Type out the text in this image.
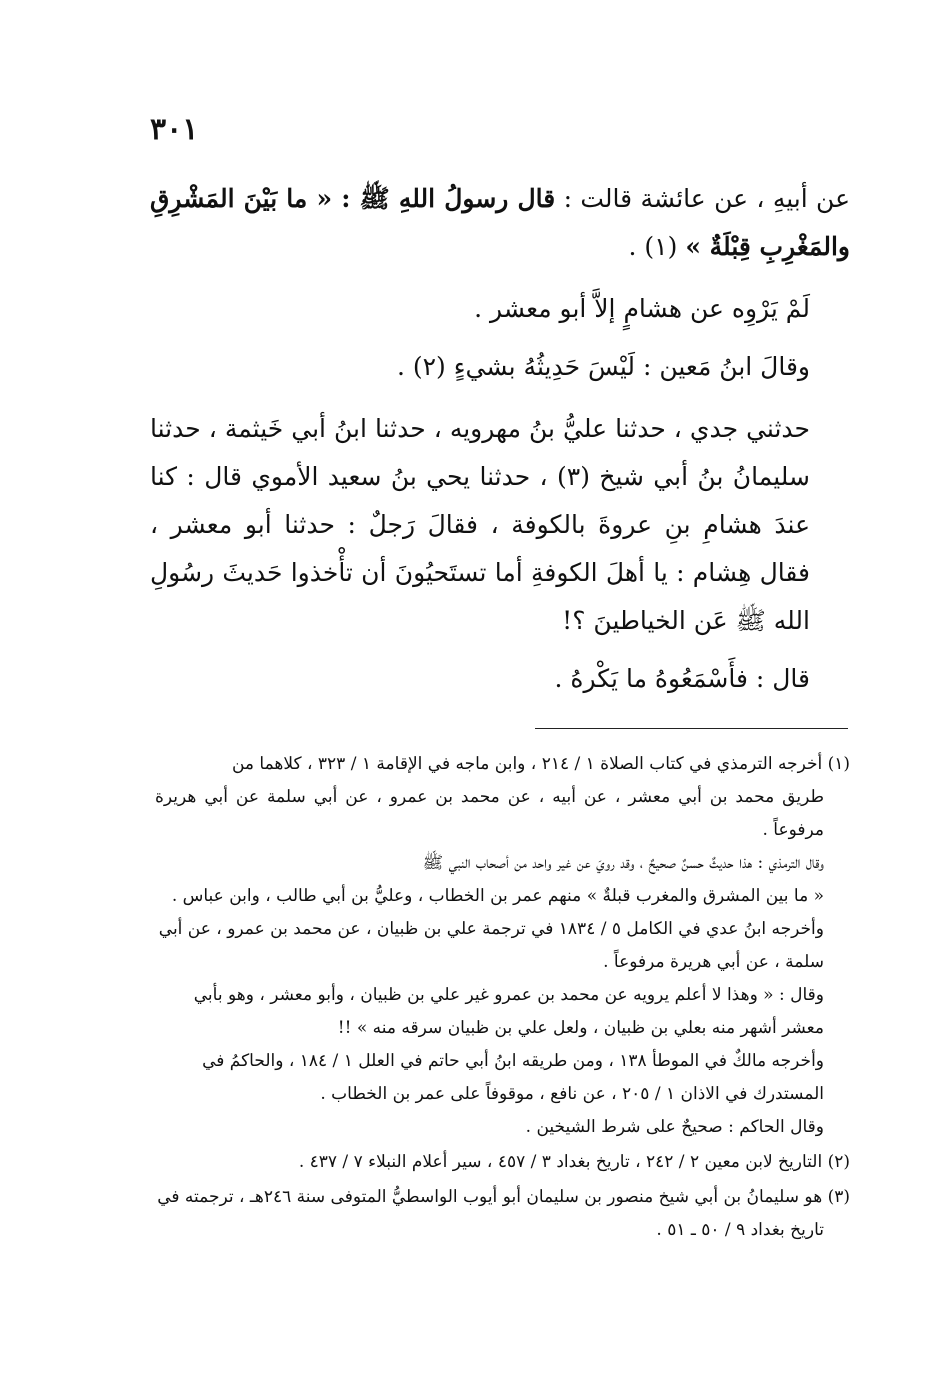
٣٠١

عن أبيهِ ، عن عائشة قالت : قال رسولُ اللهِ ﷺ : « ما بَيْنَ المَشْرِقِ والمَغْرِبِ قِبْلَةٌ » (١) .

لَمْ يَرْوِه عن هشامٍ إلاَّ أبو معشر .

وقالَ ابنُ مَعين : لَيْسَ حَدِيثُهُ بشيءٍ (٢) .

حدثني جدي ، حدثنا عليُّ بنُ مهرويه ، حدثنا ابنُ أبي خَيثمة ، حدثنا سليمانُ بنُ أبي شيخ (٣) ، حدثنا يحي بنُ سعيد الأموي قال : كنا عندَ هشامِ بنِ عروةَ بالكوفة ، فقالَ رَجلٌ : حدثنا أبو معشر ، فقال هِشام : يا أهلَ الكوفةِ أما تستَحيُونَ أن تأْخذوا حَديثَ رسُولِ الله ﷺ عَن الخياطينَ ؟!

قال : فأَسْمَعُوهُ ما يَكْرهُ .

(١) أخرجه الترمذي في كتاب الصلاة ١ / ٢١٤ ، وابن ماجه في الإقامة ١ / ٣٢٣ ، كلاهما من

طريق محمد بن أبي معشر ، عن أبيه ، عن محمد بن عمرو ، عن أبي سلمة عن أبي هريرة مرفوعاً .

وقال الترمذي : هذا حديثٌ حسنٌ صحيحٌ ، وقد رويَ عن غير واحد من أصحاب النبي ﷺ

« ما بين المشرق والمغرب قبلةٌ » منهم عمر بن الخطاب ، وعليُّ بن أبي طالب ، وابن عباس .

وأخرجه ابنُ عدي في الكامل ٥ / ١٨٣٤ في ترجمة علي بن ظبيان ، عن محمد بن عمرو ، عن أبي

سلمة ، عن أبي هريرة مرفوعاً .

وقال : « وهذا لا أعلم يرويه عن محمد بن عمرو غير علي بن ظبيان ، وأبو معشر ، وهو بأبي

معشر أشهر منه بعلي بن ظبيان ، ولعل علي بن ظبيان سرقه منه » !!

وأخرجه مالكٌ في الموطأ ١٣٨ ، ومن طريقه ابنُ أبي حاتم في العلل ١ / ١٨٤ ، والحاكمُ في

المستدرك في الاذان ١ / ٢٠٥ ، عن نافع ، موقوفاً على عمر بن الخطاب .

وقال الحاكم : صحيحٌ على شرط الشيخين .

(٢) التاريخ لابن معين ٢ / ٢٤٢ ، تاريخ بغداد ٣ / ٤٥٧ ، سير أعلام النبلاء ٧ / ٤٣٧ .

(٣) هو سليمانُ بن أبي شيخ منصور بن سليمان أبو أيوب الواسطيُّ المتوفى سنة ٢٤٦هـ ، ترجمته في

تاريخ بغداد ٩ / ٥٠ ـ ٥١ .
